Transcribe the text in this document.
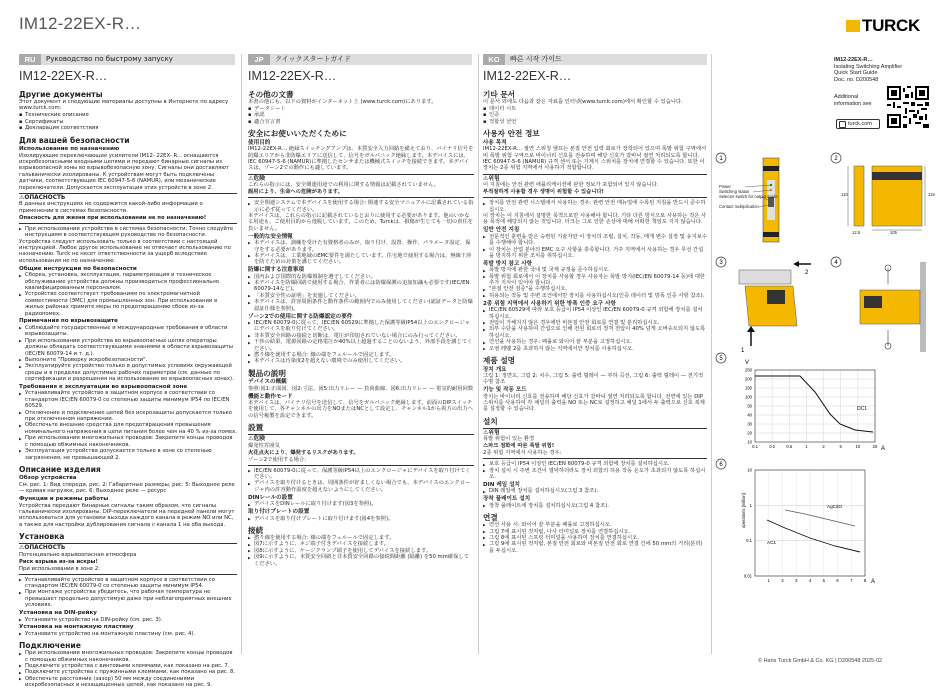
IM12-22EX-R…	TURCK
RU	Руководство по быстрому запуску
IM12-22EX-R…
Другие документы

Этот документ и следующие материалы доступны в Интернете по адресу www.turck.com:

▪ Технические описание
▪ Сертификаты
▪ Декларация соответствия
Для вашей безопасности
Использование по назначению

Изолирующие переключающие усилители IM12- 22EX- R... оснащаются искробезопасными входными цепями и передают бинарные сигналы из взрывоопасной зоны во взрывобезопасную зону. Сигналы они доставляют гальванически изолированы. К устройствам могут быть подключены датчики, соответствующие IEC 60947-5-6 (NAMUR), или механические переключатели. Допускается эксплуатация этих устройств в зоне 2.

⚠ ОПАСНОСТЬ

В данных инструкциях не содержится какой-либо информации о применении в системах безопасности.

Опасность для жизни при использовании не по назначению!

▶ При использовании устройства в системах безопасности: Точно следуйте инструкциям в соответствующем руководстве по безопасности.

Устройства следует использовать только в соответствии с настоящей инструкцией. Любое другое использование не отвечает использованию по назначению. Turck не несет ответственности за ущерб вследствие использования не по назначению.

Общие инструкции по безопасности
▶ Сборка, установка, эксплуатация, параметризация и техническое обслуживание устройства должны производиться профессионально квалифицированным персоналом.
▶ Устройство соответствует требованиям по электромагнитной совместимости (ЭМС) для промышленных зон. При использовании в жилых районах примите меры по предотвращению сбоев из-за радиопомех.
Примечания по взрывозащите
▶ Соблюдайте государственные и международные требования в области взрывозащиты.
▶ При использовании устройства во взрывоопасных цепях операторы должны обладать соответствующими знаниями в области взрывозащиты (IEC/EN 60079-14 и т. д.).
▶ Выполните "Проверку искробезопасности".
▶ Эксплуатируйте устройство только в допустимых условиях окружающей среды и в пределах допустимых рабочих параметров (см. данные по сертификации и разрешения на использование во взрывоопасных зонах).
Требования к эксплуатации во взрывоопасной зоне
▶ Устанавливайте устройство в защитном корпусе в соответствии со стандартом IEC/EN 60079-0 со степенью защиты минимум IP54 по IEC/EN 60529.
▶ Отключение и подключение цепей без искрозащиты допускается только при отключенном напряжении.
▶ Обеспечьте внешние средства для предотвращения превышения номинального напряжения в цепи питания более чем на 40 % из-за помех.
▶ При использовании многожильных проводов: Закрепите концы проводов с помощью обжимных наконечников.
▶ Эксплуатация устройства допускается только в зоне со степенью загрязнения, не превышающей 2.
Описание изделия
Обзор устройства

См. рис. 1: Вид спереди, рис. 2: Габаритные размеры, рис. 5: Выходное реле — кривая нагрузки, рис. 6: Выходное реле — ресурс

Функции и режимы работы

Устройства передают бинарные сигналы таким образом, что сигналы гальванически изолированы. DIP-переключатели на передней панели могут использоваться для установки выхода каждого канала в режим NO или NC, а также для настройки дублирования сигнала с канала 1 на оба выхода.

Установка
⚠ ОПАСНОСТЬ

Потенциально взрывоопасная атмосфера

Риск взрыва из-за искры!

При использовании в зоне 2:

▶ Устанавливайте устройство в защитном корпусе в соответствии со стандартом IEC/EN 60079-0 со степенью защиты минимум IP54.
▶ При монтаже устройства убедитесь, что рабочая температура не превышает предельно допустимую даже при неблагоприятных внешних условиях.
Установка на DIN-рейку
▶ Установите устройство на DIN-рейку (см. рис. 3).
Установка на монтажную пластину
▶ Установите устройство на монтажную пластину (см. рис. 4).
Подключение
▶ При использовании многожильных проводов: Закрепите концы проводов с помощью обжимных наконечников.
▶ Подключите устройства с винтовыми клеммами, как показано на рис. 7.
▶ Подключите устройства с пружинными клеммами, как показано на рис. 8.
▶ Обеспечьте расстояние (зазор) 50 мм между соединениями искробезопасных и незащищенных цепей, как показано на рис. 9.
JP	クイックスタートガイド
IM12-22EX-R…
その他の文書

本書の他にも、以下の資料がインターネット上 (www.turck.com)にあります。

▪ データシート
▪ 承認
▪ 適合宣言書
安全にお使いいただくために
使用目的

IM12-22EX-R… 絶縁スイッチングアンプは、本質安全入力回路を備えており、バイナリ信号を防爆エリアから非防爆エリアに送信して、信号をガルバニック絶縁します。本デバイスには、IEC 60947-5-6 (NAMUR)に準拠したセンサまたは機械式スイッチを接続できます。本デバイスは、ゾーン2での動作にも適しています。

⚠ 危険

これらの指示には、安全関連用途での利用に関する情報は記載されていません。

誤用により、生命への危険があります。

▶ 安全関連システムで本デバイスを使用する場合: 関連する安全マニュアルに記載されている指示に必ず従ってください。

本デバイスは、これらの指示に記載されているとおりに使用する必要があります。他のいかなる用途も、ご使用目的から逸脱しています。このため、Turckは、損傷が生じても一切の責任を負いません。

一般的な安全情報
▶ 本デバイスは、訓練を受けた有資格者のみが、取り付け、設置、操作、パラメータ設定、保守をする必要があります。
▶ 本デバイスは、工業地域のEMC要件を満たしています。住宅地で使用する場合は、無線干渉を防ぐための対策を講じてください。
防爆に関する注意事項
▶ 国内および国際的な防爆規制を遵守してください。
▶ 本デバイスを防爆回路で使用する場合、作業者には防爆保護の追加知識も必要です(IEC/EN 60079-14など)。
▶ 「本質安全性の証明」を実施してください。
▶ 本デバイスは、許容周囲条件と動作条件の範囲内でのみ使用してください(認証データと防爆認証仕様を参照)。
ゾーン2での使用に関する防爆認定の要件
▶ IEC/EN 60079-0に従って、IEC/EN 60529に準拠した保護等級IP54以上のエンクロージャにデバイスを取り付けてください。
▶ 非本質安全回路の接続と切断は、電圧が印加されていない場合にのみ行ってください。
▶ 干渉の結果、電源回路の定格電圧が40%以上超過することのないよう、外部手段を講じてください。
▶ 撚り線を使用する場合: 線の端をフェルールで固定します。
▶ 本デバイスは汚染度2を超えない環境でのみ使用してください。
製品の説明
デバイスの概観

参照:図1:正面図、図2:寸法、図5:出力リレー — 負荷曲線、図6:出力リレー — 電気的耐用回数

機能と動作モード

本デバイスは、バイナリ信号を送信して、信号をガルバニック絶縁します。前面のDIPスイッチを使用して、各チャンネルの出力をNOまたはNCとして設定し、チャンネル1から両方の出力への信号複製を設定できます。

設置
⚠ 危険

爆発性雰囲気

火花点火により、爆発するリスクがあります。

ゾーン2で使用する場合:

▶ IEC/EN 60079-0に従って、保護等級IP54以上のエンクロージャにデバイスを取り付けてください。
▶ デバイスを取り付けるときは、周囲条件が好ましくない場合でも、本デバイスのエンクロージャ内の許容動作温度を超えないようにしてください。
DINレールの設置
▶ デバイスをDINレールに取り付けます(図3を参照)。
取り付けプレートの設置
▶ デバイスを取り付けプレートに取り付けます(図4を参照)。
接続
▶ 撚り線を使用する場合: 線の端をフェルールで固定します。
▶ 図7に示すように、ネジ端子付きデバイスを接続します。
▶ 図8に示すように、ケージクランプ端子を使用してデバイスを接続します。
▶ 図9に示すように、本質安全回路と非本質安全回路の接続間距離 (隔離) を50 mm確保してください。
KO	빠른 시작 가이드
IM12-22EX-R…
기타 문서

이 문서 외에도 다음과 같은 자료를 인터넷(www.turck.com)에서 확인할 수 있습니다.

▪ 데이터 시트
▪ 인증
▪ 적합성 선언
사용자 안전 정보
사용 목적

IM12-22EX-R… 절연 스위칭 앰프는 본질 안전 입력 회로가 장착되어 있으며 폭발 위험 구역에서 비 폭발 위험 구역으로 바이너리 신호를 전송하며 해당 신호가 갈바닉 절연 처리되도록 합니다. IEC 60947-5-6 (NAMUR) 규격 센서 또는 기계식 스위치를 장치에 연결할 수 있습니다. 또한 이 장치는 2종 위험 지역에서 사용하기 적합합니다.

⚠ 위험

이 지침에는 안전 관련 애플리케이션에 관한 정보가 포함되어 있지 않습니다.

부적절하게 사용할 경우 생명이 위험할 수 있습니다!

▶ 장치를 안전 관련 시스템에서 사용하는 경우: 관련 안전 매뉴얼에 수록된 지침을 반드시 준수하십시오.

이 장치는 이 지침에서 설명한 목적으로만 사용해야 합니다. 기타 다른 방식으로 사용하는 것은 사용 목적에 해당되지 않는 것입니다. 터크는 그로 인한 손상에 대해 어떠한 책임도 지지 않습니다.

일반 안전 지침
▶ 전문적인 훈련을 받은 숙련된 기술자만 이 장치의 조립, 설치, 작동, 매개 변수 설정 및 유지보수를 수행해야 합니다.
▶ 이 장치는 산업 분야의 EMC 요구 사항을 충족합니다. 거주 지역에서 사용하는 경우 무선 간섭을 방지하기 위한 조치를 취하십시오.
폭발 방지 참고 사항
▶ 폭발 방지에 관한 국내 및 국제 규정을 준수하십시오.
▶ 폭발 위험 회로에서 이 장치를 사용할 경우 사용자는 폭발 방지(IEC/EN 60079-14 등)에 대한 추가 지식이 있어야 합니다.
▶ "본질 안전 검증"을 수행하십시오.
▶ 허용되는 작동 및 주변 조건에서만 장치를 사용하십시오(인증 데이터 및 방폭 인증 사항 참조).
2종 위험 지역에서 사용하기 위한 방폭 인증 요구 사항
▶ IEC/EN 60529에 따라 보호 등급이 IP54 이상인 IEC/EN 60079-0 규격 외함에 장치를 설치하십시오.
▶ 전압이 가해지지 않은 경우에만 비본질 안전 회로를 연결 및 분리하십시오.
▶ 외부 수단을 사용하여 간섭으로 인해 전원 회로의 정격 전압이 40% 넘게 오버슈트되지 않도록 하십시오.
▶ 연선을 사용하는 경우: 페룰로 와이어 끝 부분을 고정하십시오.
▶ 오염 레벨 2를 초과하지 않는 지역에서만 장치를 사용하십시오.
제품 설명
장치 개요

그림 1: 정면도, 그림 2: 치수, 그림 5: 출력 릴레이 — 부하 곡선, 그림 6: 출력 릴레이 — 전기적 수명 참조

기능 및 작동 모드

장치는 바이너리 신호를 전송하며 해당 신호가 갈바닉 절연 처리되도록 합니다. 전면에 있는 DIP 스위치를 사용하여 각 채널의 출력을 NO 또는 NC로 설정하고 채널 1에서 두 출력으로 신호 복제를 설정할 수 있습니다.

설치
⚠ 위험

폭발 위험이 있는 환경

스파크 점화에 따른 폭발 위험!

2종 위험 지역에서 사용하는 경우:

▶ 보호 등급이 IP54 이상인 IEC/EN 60079-0 규격 외함에 장치를 설치하십시오.
▶ 장치 설치 시 주변 조건이 열악하더라도 장치 외함의 허용 작동 온도가 초과되지 않도록 하십시오.
DIN 레일 설치
▶ DIN 레일에 장치를 설치하십시오(그림 3 참조).
장착 플레이트 설치
▶ 장착 플레이트에 장치를 설치하십시오(그림 4 참조).
연결
▶ 연선 사용 시: 와이어 끝 부분을 페룰로 고정하십시오.
▶ 그림 7에 표시된 것처럼, 나사 터미널로 장치를 연결하십시오.
▶ 그림 8에 표시된 스프링 터미널을 사용하여 장치를 연결하십시오.
▶ 그림 9에 표시된 것처럼, 본질 안전 회로와 비본질 안전 회로 연결 간에 50 mm의 거리(분리)를 두십시오.
IM12-22EX-R…
Isolating Switching Amplifier
Quick Start Guide
Doc. no. D200548
Additional
information see
turck.com
1
Power
Switching status
Selector switch for output mode
Contact multiplication
2
110
12.5
119
105
3
1
2
4
5
V
A
250
200
150
100
50
40
30
20
10
0.1	0.2	0.5	1	2	5	10	20
DC1
6
operations [million]
A
10
1
0.1
0.01
1	2	3	4	5	6	7	8
AC1
AgCdO
© Hans Turck GmbH & Co. KG | D200548 2025-02
